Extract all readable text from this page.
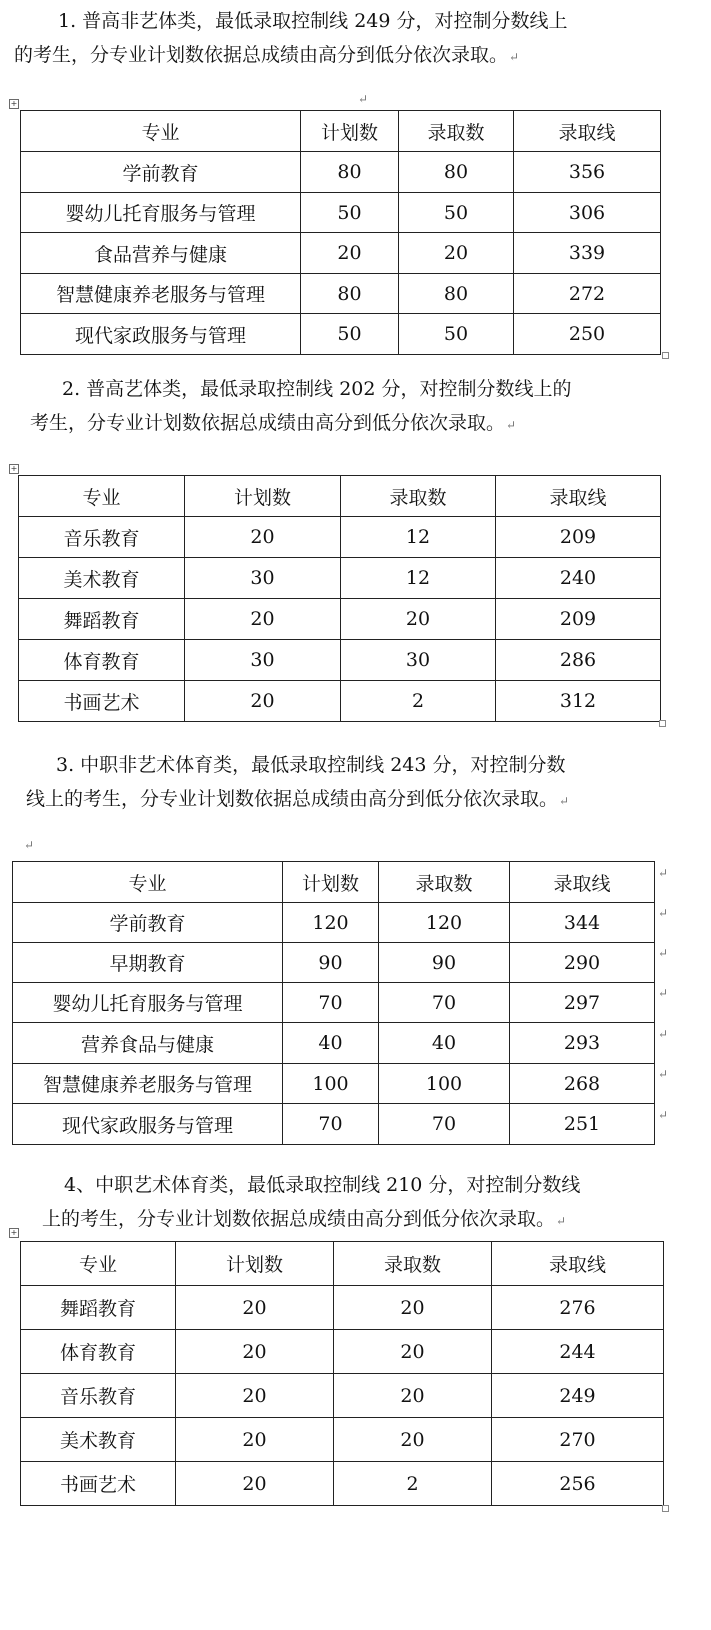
1. 普高非艺体类，最低录取控制线 249 分，对控制分数线上
的考生，分专业计划数依据总成绩由高分到低分依次录取。↵

↵
+
专业	计划数	录取数	录取线
学前教育	80	80	356
婴幼儿托育服务与管理	50	50	306
食品营养与健康	20	20	339
智慧健康养老服务与管理	80	80	272
现代家政服务与管理	50	50	250

2. 普高艺体类，最低录取控制线 202 分，对控制分数线上的
考生，分专业计划数依据总成绩由高分到低分依次录取。↵

+
专业	计划数	录取数	录取线
音乐教育	20	12	209
美术教育	30	12	240
舞蹈教育	20	20	209
体育教育	30	30	286
书画艺术	20	2	312

3. 中职非艺术体育类，最低录取控制线 243 分，对控制分数
线上的考生，分专业计划数依据总成绩由高分到低分依次录取。↵

↵
专业	计划数	录取数	录取线
学前教育	120	120	344
早期教育	90	90	290
婴幼儿托育服务与管理	70	70	297
营养食品与健康	40	40	293
智慧健康养老服务与管理	100	100	268
现代家政服务与管理	70	70	251
↵
↵
↵
↵
↵
↵
↵

4、中职艺术体育类，最低录取控制线 210 分，对控制分数线
上的考生，分专业计划数依据总成绩由高分到低分依次录取。↵

+
专业	计划数	录取数	录取线
舞蹈教育	20	20	276
体育教育	20	20	244
音乐教育	20	20	249
美术教育	20	20	270
书画艺术	20	2	256
